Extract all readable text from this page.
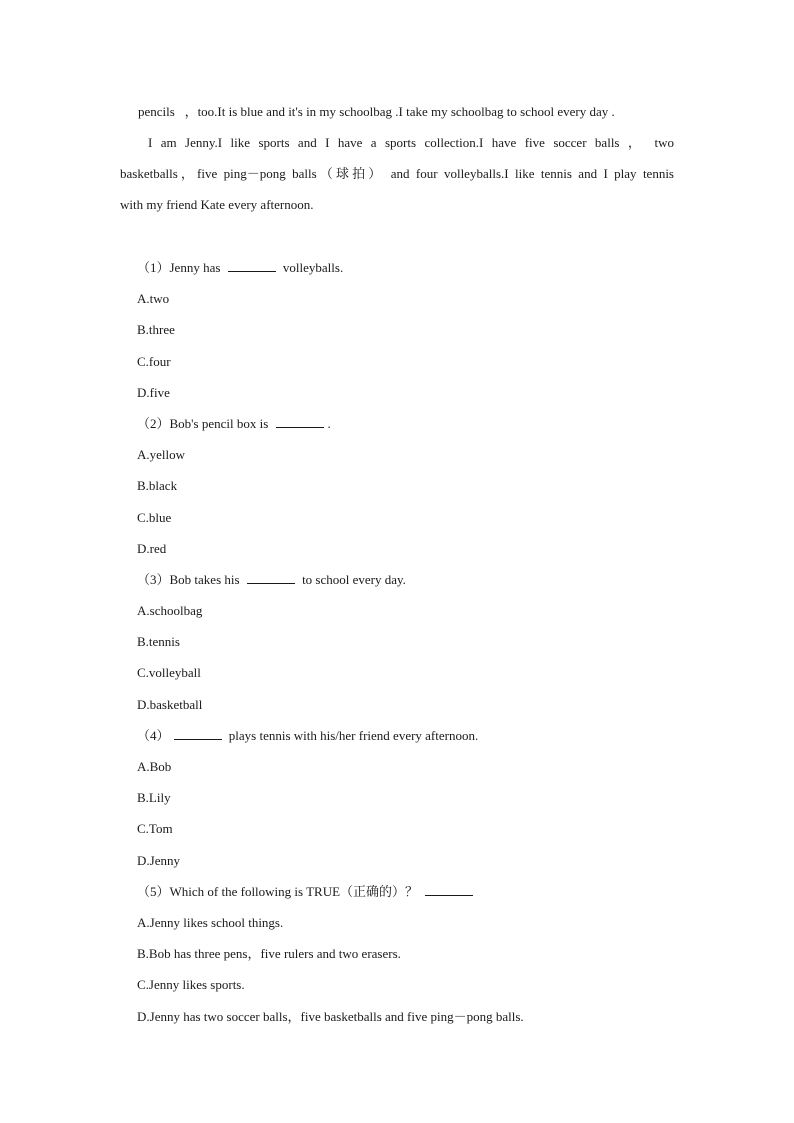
pencils   ，too.It is blue and it's in my schoolbag .I take my schoolbag to school every day .
I am Jenny.I like sports and I have a sports collection.I have five soccer balls ， two
basketballs，five ping－pong balls（球拍） and four volleyballs.I like tennis and I play tennis
with my friend Kate every afternoon.
（1）Jenny has	volleyballs.
A.two
B.three
C.four
D.five
（2）Bob's pencil box is	.
A.yellow
B.black
C.blue
D.red
（3）Bob takes his	to school every day.
A.schoolbag
B.tennis
C.volleyball
D.basketball
（4）	plays tennis with his/her friend every afternoon.
A.Bob
B.Lily
C.Tom
D.Jenny
（5）Which of the following is TRUE（正确的）？
A.Jenny likes school things.
B.Bob has three pens，five rulers and two erasers.
C.Jenny likes sports.
D.Jenny has two soccer balls，five basketballs and five ping－pong balls.
